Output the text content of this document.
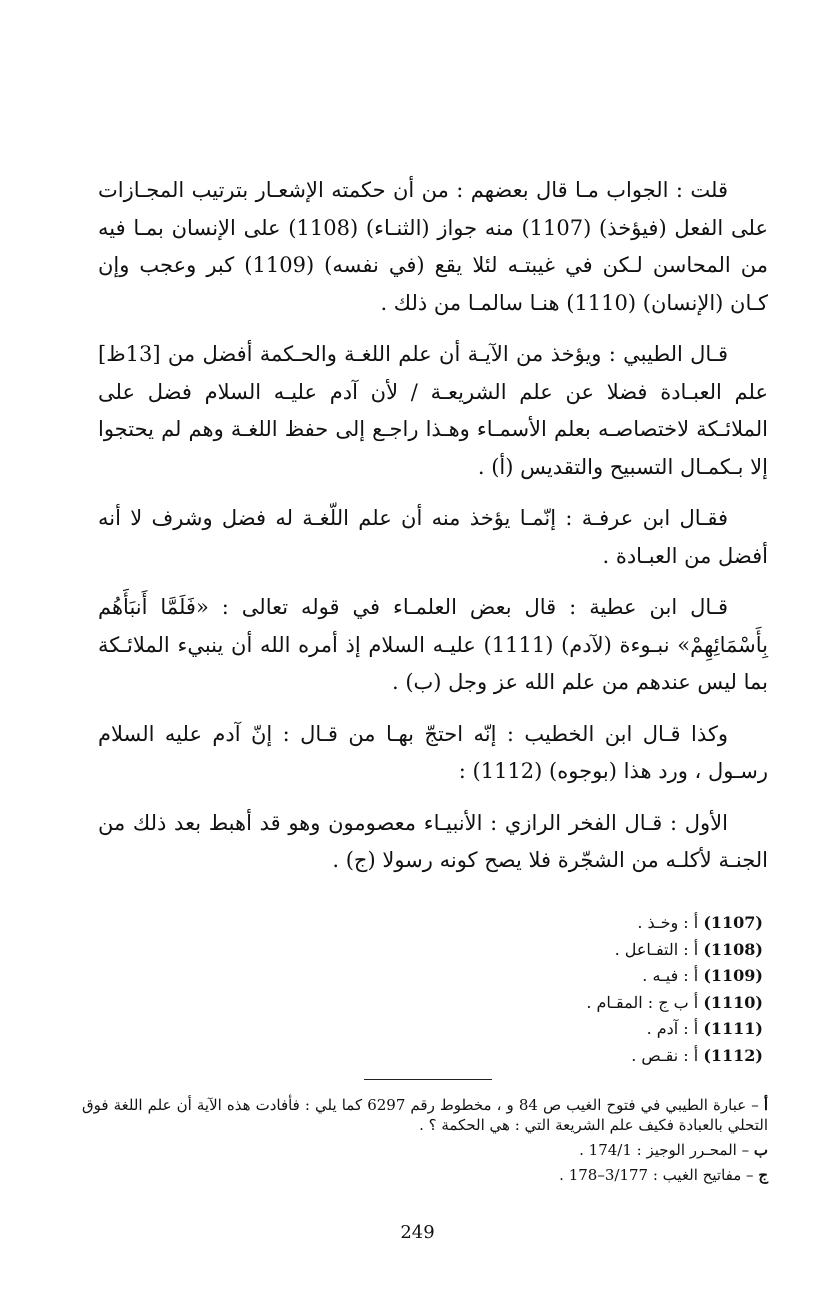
قلت : الجواب مـا قال بعضهم : من أن حكمته الإشعـار بترتيب المجـازات على الفعل (فيؤخذ) (1107) منه جواز (الثنـاء) (1108) على الإنسان بمـا فيه من المحاسن لـكن في غيبتـه لئلا يقع (في نفسه) (1109) كبر وعجب وإن كـان (الإنسان) (1110) هنـا سالمـا من ذلك .

قـال الطيبي : ويؤخذ من الآيـة أن علم اللغـة والحـكمة أفضل من [13ظ] علم العبـادة فضلا عن علم الشريعـة / لأن آدم عليـه السلام فضل على الملائـكة لاختصاصـه بعلم الأسمـاء وهـذا راجـع إلى حفظ اللغـة وهم لم يحتجوا إلا بـكمـال التسبيح والتقديس (أ) .

فقـال ابن عرفـة : إنّمـا يؤخذ منه أن علم اللّغـة له فضل وشرف لا أنه أفضل من العبـادة .

قـال ابن عطية : قال بعض العلمـاء في قوله تعالى : «فَلَمَّا أَنبَأَهُم بِأَسْمَائِهِمْ» نبـوءة (لآدم) (1111) عليـه السلام إذ أمره الله أن ينبيء الملائـكة بما ليس عندهم من علم الله عز وجل (ب) .

وكذا قـال ابن الخطيب : إنّه احتجّ بهـا من قـال : إنّ آدم عليه السلام رسـول ، ورد هذا (بوجوه) (1112) :

الأول : قـال الفخر الرازي : الأنبيـاء معصومون وهو قد أهبط بعد ذلك من الجنـة لأكلـه من الشجّرة فلا يصح كونه رسولا (ج) .

(1107) أ : وخـذ .
(1108) أ : التفـاعل .
(1109) أ : فيـه .
(1110) أ ب ج : المقـام .
(1111) أ : آدم .
(1112) أ : نقـص .
أ – عبارة الطيبي في فتوح الغيب ص 84 و ، مخطوط رقم 6297 كما يلي : فأفادت هذه الآية أن علم اللغة فوق التحلي بالعبادة فكيف علم الشريعة التي : هي الحكمة ؟ .
ب – المحـرر الوجيز : 174/1 .
ج – مفاتيح الغيب : 3/177–178 .
249
